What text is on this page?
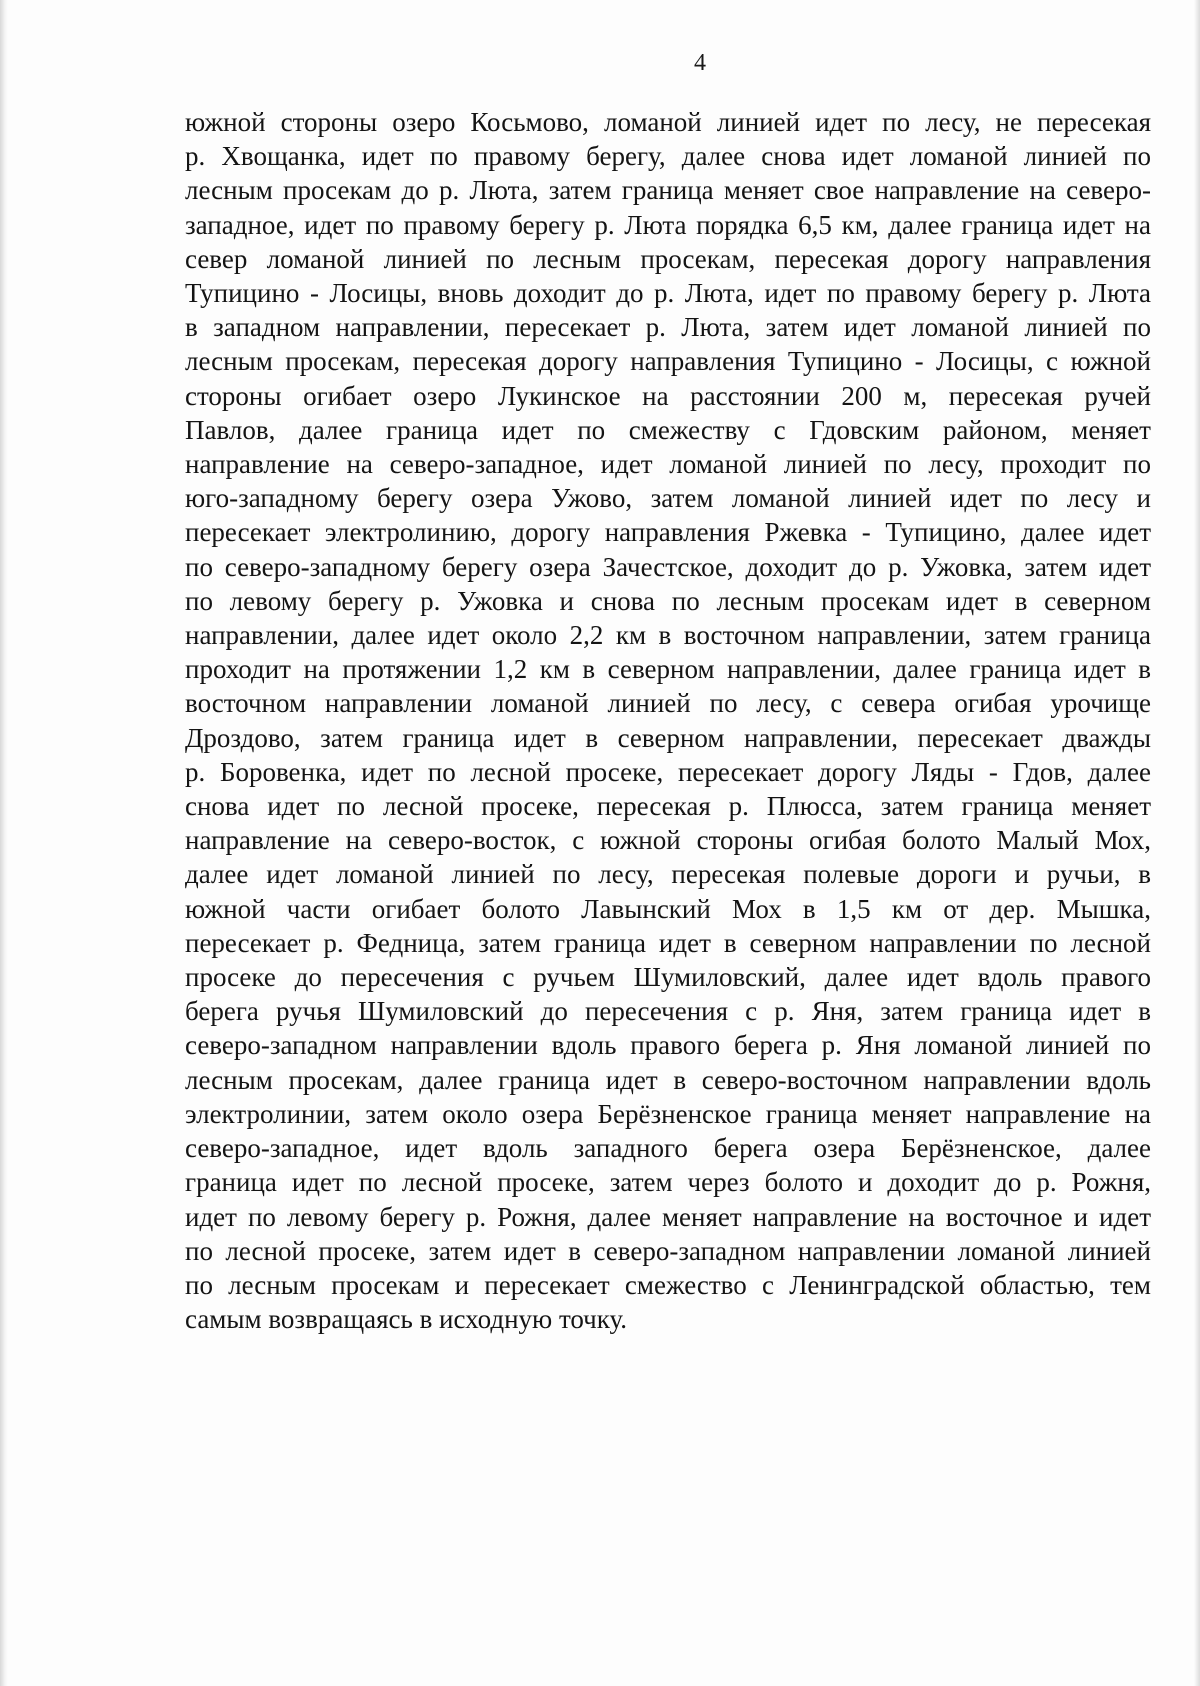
4
южной стороны озеро Косьмово, ломаной линией идет по лесу, не пересекая
р. Хвощанка, идет по правому берегу, далее снова идет ломаной линией по
лесным просекам до р. Люта, затем граница меняет свое направление на северо-
западное, идет по правому берегу р. Люта порядка 6,5 км, далее граница идет на
север ломаной линией по лесным просекам, пересекая дорогу направления
Тупицино - Лосицы, вновь доходит до р. Люта, идет по правому берегу р. Люта
в западном направлении, пересекает р. Люта, затем идет ломаной линией по
лесным просекам, пересекая дорогу направления Тупицино - Лосицы, с южной
стороны огибает озеро Лукинское на расстоянии 200 м, пересекая ручей
Павлов, далее граница идет по смежеству с Гдовским районом, меняет
направление на северо-западное, идет ломаной линией по лесу, проходит по
юго-западному берегу озера Ужово, затем ломаной линией идет по лесу и
пересекает электролинию, дорогу направления Ржевка - Тупицино, далее идет
по северо-западному берегу озера Зачестское, доходит до р. Ужовка, затем идет
по левому берегу р. Ужовка и снова по лесным просекам идет в северном
направлении, далее идет около 2,2 км в восточном направлении, затем граница
проходит на протяжении 1,2 км в северном направлении, далее граница идет в
восточном направлении ломаной линией по лесу, с севера огибая урочище
Дроздово, затем граница идет в северном направлении, пересекает дважды
р. Боровенка, идет по лесной просеке, пересекает дорогу Ляды - Гдов, далее
снова идет по лесной просеке, пересекая р. Плюсса, затем граница меняет
направление на северо-восток, с южной стороны огибая болото Малый Мох,
далее идет ломаной линией по лесу, пересекая полевые дороги и ручьи, в
южной части огибает болото Лавынский Мох в 1,5 км от дер. Мышка,
пересекает р. Федница, затем граница идет в северном направлении по лесной
просеке до пересечения с ручьем Шумиловский, далее идет вдоль правого
берега ручья Шумиловский до пересечения с р. Яня, затем граница идет в
северо-западном направлении вдоль правого берега р. Яня ломаной линией по
лесным просекам, далее граница идет в северо-восточном направлении вдоль
электролинии, затем около озера Берёзненское граница меняет направление на
северо-западное, идет вдоль западного берега озера Берёзненское, далее
граница идет по лесной просеке, затем через болото и доходит до р. Рожня,
идет по левому берегу р. Рожня, далее меняет направление на восточное и идет
по лесной просеке, затем идет в северо-западном направлении ломаной линией
по лесным просекам и пересекает смежество с Ленинградской областью, тем
самым возвращаясь в исходную точку.
